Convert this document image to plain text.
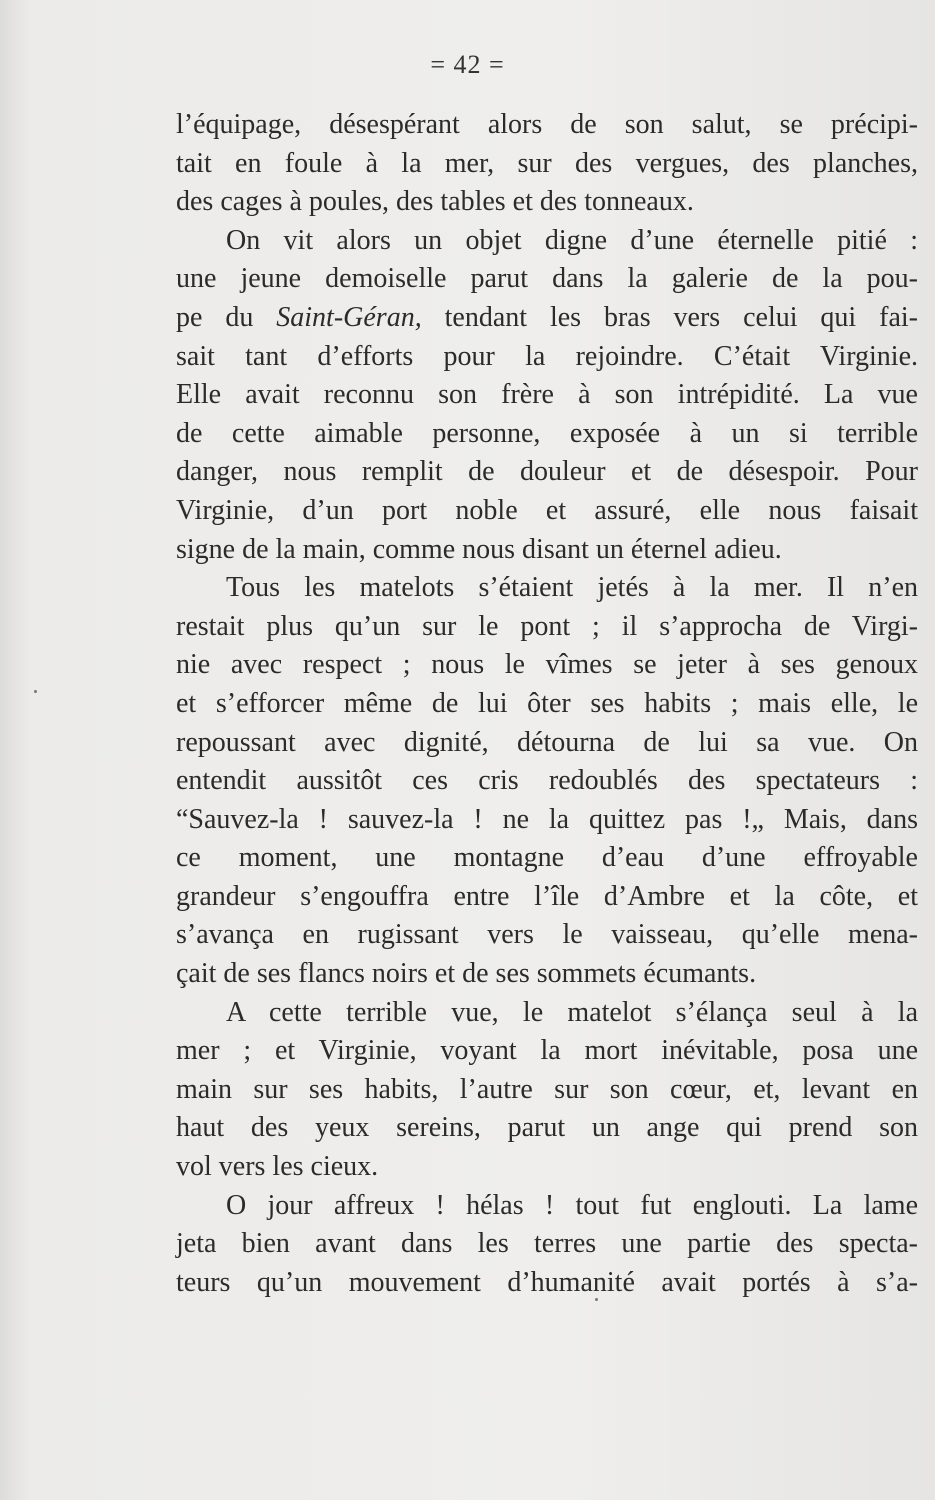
= 42 =

l’équipage, désespérant alors de son salut, se précipi-
tait en foule à la mer, sur des vergues, des planches,
des cages à poules, des tables et des tonneaux.

On vit alors un objet digne d’une éternelle pitié :
une jeune demoiselle parut dans la galerie de la pou-
pe du Saint-Géran, tendant les bras vers celui qui fai-
sait tant d’efforts pour la rejoindre. C’était Virginie.
Elle avait reconnu son frère à son intrépidité. La vue
de cette aimable personne, exposée à un si terrible
danger, nous remplit de douleur et de désespoir. Pour
Virginie, d’un port noble et assuré, elle nous faisait
signe de la main, comme nous disant un éternel adieu.

Tous les matelots s’étaient jetés à la mer. Il n’en
restait plus qu’un sur le pont ; il s’approcha de Virgi-
nie avec respect ; nous le vîmes se jeter à ses genoux
et s’efforcer même de lui ôter ses habits ; mais elle, le
repoussant avec dignité, détourna de lui sa vue. On
entendit aussitôt ces cris redoublés des spectateurs :
“Sauvez-la ! sauvez-la ! ne la quittez pas !„ Mais, dans
ce moment, une montagne d’eau d’une effroyable
grandeur s’engouffra entre l’île d’Ambre et la côte, et
s’avança en rugissant vers le vaisseau, qu’elle mena-
çait de ses flancs noirs et de ses sommets écumants.

A cette terrible vue, le matelot s’élança seul à la
mer ; et Virginie, voyant la mort inévitable, posa une
main sur ses habits, l’autre sur son cœur, et, levant en
haut des yeux sereins, parut un ange qui prend son
vol vers les cieux.

O jour affreux ! hélas ! tout fut englouti. La lame
jeta bien avant dans les terres une partie des specta-
teurs qu’un mouvement d’humanité avait portés à s’a-
